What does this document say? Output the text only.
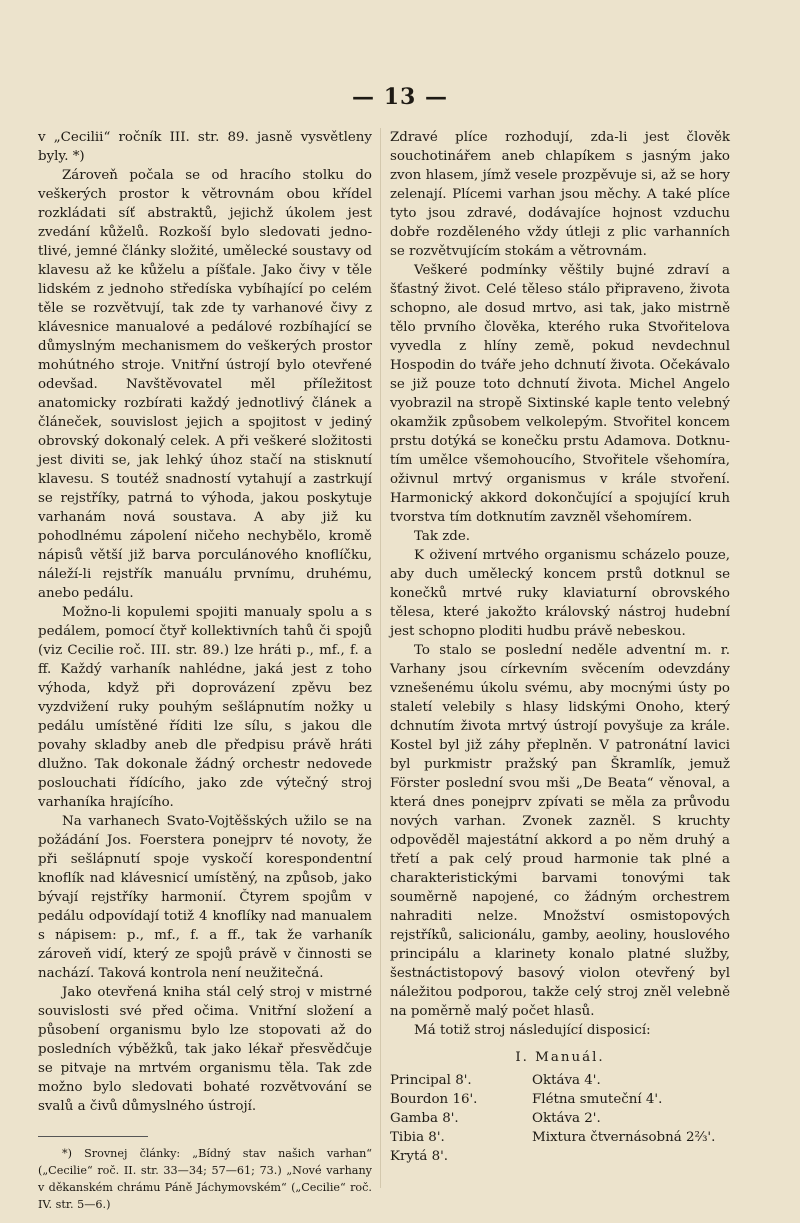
— 13 —

v „Cecilii“ ročník III. str. 89. jasně vysvětleny byly. *)

Zároveň počala se od hracího stolku do veškerých prostor k větrovnám obou křídel rozkládati síť abstraktů, jejichž úkolem jest zvedání kůželů. Rozkoší bylo sledovati jednotlivé, jemné články složité, umělecké soustavy od klavesu až ke kůželu a píšťale. Jako čivy v těle lidském z jednoho středíska vybíhající po celém těle se rozvětvují, tak zde ty varhanové čivy z klávesnice manualové a pedálové rozbíhající se důmyslným mechanismem do veškerých prostor mohútného stroje. Vnitřní ústrojí bylo otevřené odevšad. Navštěvovatel měl příležitost anatomicky rozbírati každý jednotlivý článek a článeček, souvislost jejich a spojitost v jediný obrovský dokonalý celek. A při veškeré složitosti jest diviti se, jak lehký úhoz stačí na stisknutí klavesu. S toutéž snadností vytahují a zastrkují se rejstříky, patrná to výhoda, jakou poskytuje varhanám nová soustava. A aby již ku pohodlnému zápolení ničeho nechybělo, kromě nápisů větší již barva porculánového knoflíčku, náleží-li rejstřík manuálu prvnímu, druhému, anebo pedálu.

Možno-li kopulemi spojiti manualy spolu a s pedálem, pomocí čtyř kollektivních tahů či spojů (viz Cecilie roč. III. str. 89.) lze hráti p., mf., f. a ff. Každý varhaník nahlédne, jaká jest z toho výhoda, když při doprovázení zpěvu bez vyzdvižení ruky pouhým sešlápnutím nožky u pedálu umístěné říditi lze sílu, s jakou dle povahy skladby aneb dle předpisu právě hráti dlužno. Tak dokonale žádný orchestr nedovede poslouchati řídícího, jako zde výtečný stroj varhaníka hrajícího.

Na varhanech Svato-Vojtěšských užilo se na požádání Jos. Foerstera ponejprv té novoty, že při sešlápnutí spoje vyskočí korespondentní knoflík nad klávesnicí umístěný, na způsob, jako bývají rejstříky harmonií. Čtyrem spojům v pedálu odpovídají totiž 4 knoflíky nad manualem s nápisem: p., mf., f. a ff., tak že varhaník zároveň vidí, který ze spojů právě v činnosti se nachází. Taková kontrola není neužitečná.

Jako otevřená kniha stál celý stroj v mistrné souvislosti své před očima. Vnitřní složení a působení organismu bylo lze stopovati až do posledních výběžků, tak jako lékař přesvědčuje se pitvaje na mrtvém organismu těla. Tak zde možno bylo sledovati bohaté rozvětvování se svalů a čivů důmyslného ústrojí.

*) Srovnej články: „Bídný stav našich varhan“ („Cecilie“ roč. II. str. 33—34; 57—61; 73.) „Nové varhany v děkanském chrámu Páně Jáchymovském“ („Cecilie“ roč. IV. str. 5—6.)

Zdravé plíce rozhodují, zda-li jest člověk souchotinářem aneb chlapíkem s jasným jako zvon hlasem, jímž vesele prozpěvuje si, až se hory zelenají. Plícemi varhan jsou měchy. A také plíce tyto jsou zdravé, dodávajíce hojnost vzduchu dobře rozděleného vždy útleji z plic varhanních se rozvětvujícím stokám a větrovnám.

Veškeré podmínky věštily bujné zdraví a šťastný život. Celé těleso stálo připraveno, života schopno, ale dosud mrtvo, asi tak, jako mistrně tělo prvního člověka, kterého ruka Stvořitelova vyvedla z hlíny země, pokud nevdechnul Hospodin do tváře jeho dchnutí života. Očekávalo se již pouze toto dchnutí života. Michel Angelo vyobrazil na stropě Sixtinské kaple tento velebný okamžik způsobem velkolepým. Stvořitel koncem prstu dotýká se konečku prstu Adamova. Dotknutím umělce všemohoucího, Stvořitele všehomíra, oživnul mrtvý organismus v krále stvoření. Harmonický akkord dokončující a spojující kruh tvorstva tím dotknutím zavzněl všehomírem.

Tak zde.

K oživení mrtvého organismu scházelo pouze, aby duch umělecký koncem prstů dotknul se konečků mrtvé ruky klaviaturní obrovského tělesa, které jakožto královský nástroj hudební jest schopno ploditi hudbu právě nebeskou.

To stalo se poslední neděle adventní m. r. Varhany jsou církevním svěcením odevzdány vznešenému úkolu svému, aby mocnými ústy po staletí velebily s hlasy lidskými Onoho, který dchnutím života mrtvý ústrojí povyšuje za krále. Kostel byl již záhy přeplněn. V patronátní lavici byl purkmistr pražský pan Škramlík, jemuž Förster poslední svou mši „De Beata“ věnoval, a která dnes ponejprv zpívati se měla za průvodu nových varhan. Zvonek zazněl. S kruchty odpověděl majestátní akkord a po něm druhý a třetí a pak celý proud harmonie tak plné a charakteristickými barvami tonovými tak souměrně napojené, co žádným orchestrem nahraditi nelze. Množství osmistopových rejstříků, salicionálu, gamby, aeoliny, houslového principálu a klarinety konalo platné služby, šestnáctistopový basový violon otevřený byl náležitou podporou, takže celý stroj zněl velebně na poměrně malý počet hlasů.

Má totiž stroj následující disposicí:

I. Manuál.
Principal 8'.	Oktáva 4'.
Bourdon 16'.	Flétna smuteční 4'.
Gamba 8'.	Oktáva 2'.
Tibia 8'.	Mixtura čtvernásobná 2²⁄₃'.
Krytá 8'.
